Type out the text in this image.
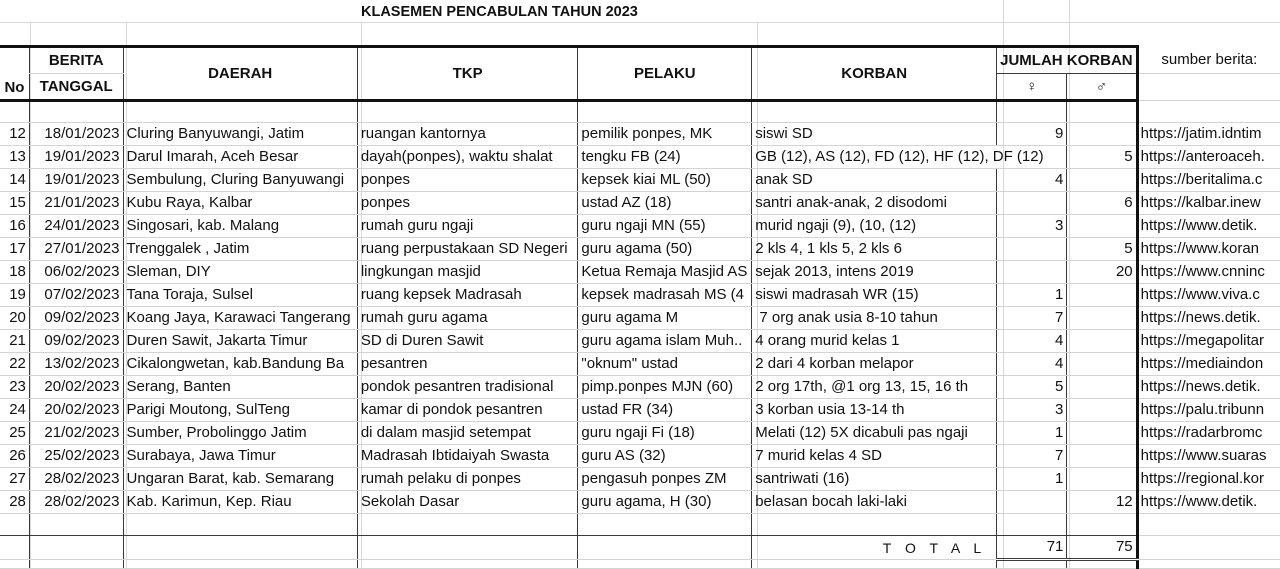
KLASEMEN PENCABULAN TAHUN 2023
No	BERITA	DAERAH	TKP	PELAKU	KORBAN	JUMLAH KORBAN		sumber berita:
	TANGGAL					♀	♂	

12	18/01/2023	Cluring Banyuwangi, Jatim	ruangan kantornya	pemilik ponpes, MK	siswi SD	9		https://jatim.idntim
13	19/01/2023	Darul Imarah, Aceh Besar	dayah(ponpes), waktu shalat	tengku FB (24)	GB (12), AS (12), FD (12), HF (12), DF (12)		5	https://anteroaceh.
14	19/01/2023	Sembulung, Cluring Banyuwangi	ponpes	kepsek kiai ML (50)	anak SD	4		https://beritalima.c
15	21/01/2023	Kubu Raya, Kalbar	ponpes	ustad AZ (18)	santri anak-anak, 2 disodomi		6	https://kalbar.inew
16	24/01/2023	Singosari, kab. Malang	rumah guru ngaji	guru ngaji MN (55)	murid ngaji (9), (10, (12)	3		https://www.detik.
17	27/01/2023	Trenggalek , Jatim	ruang perpustakaan SD Negeri	guru agama (50)	2 kls 4, 1 kls 5, 2 kls 6		5	https://www.koran
18	06/02/2023	Sleman, DIY	lingkungan masjid	Ketua Remaja Masjid AS	sejak 2013, intens 2019		20	https://www.cnninc
19	07/02/2023	Tana Toraja, Sulsel	ruang kepsek Madrasah	kepsek madrasah MS (4	siswi madrasah WR (15)	1		https://www.viva.c
20	09/02/2023	Koang Jaya, Karawaci Tangerang	rumah guru agama	guru agama M	7 org anak usia 8-10 tahun	7		https://news.detik.
21	09/02/2023	Duren Sawit, Jakarta Timur	SD di Duren Sawit	guru agama islam Muh..	4 orang murid kelas 1	4		https://megapolitar
22	13/02/2023	Cikalongwetan, kab.Bandung Ba	pesantren	"oknum" ustad	2 dari 4 korban melapor	4		https://mediaindon
23	20/02/2023	Serang, Banten	pondok pesantren tradisional	pimp.ponpes MJN (60)	2 org 17th, @1 org 13, 15, 16 th	5		https://news.detik.
24	20/02/2023	Parigi Moutong, SulTeng	kamar di pondok pesantren	ustad FR (34)	3 korban usia 13-14 th	3		https://palu.tribunn
25	21/02/2023	Sumber, Probolinggo Jatim	di dalam masjid setempat	guru ngaji Fi (18)	Melati (12) 5X dicabuli pas ngaji	1		https://radarbromc
26	25/02/2023	Surabaya, Jawa Timur	Madrasah Ibtidaiyah Swasta	guru AS (32)	7 murid kelas 4 SD	7		https://www.suaras
27	28/02/2023	Ungaran Barat, kab. Semarang	rumah pelaku di ponpes	pengasuh ponpes ZM	santriwati (16)	1		https://regional.kor
28	28/02/2023	Kab. Karimun, Kep. Riau	Sekolah Dasar	guru agama, H (30)	belasan bocah laki-laki		12	https://www.detik.

					T O T A L	71	75	
